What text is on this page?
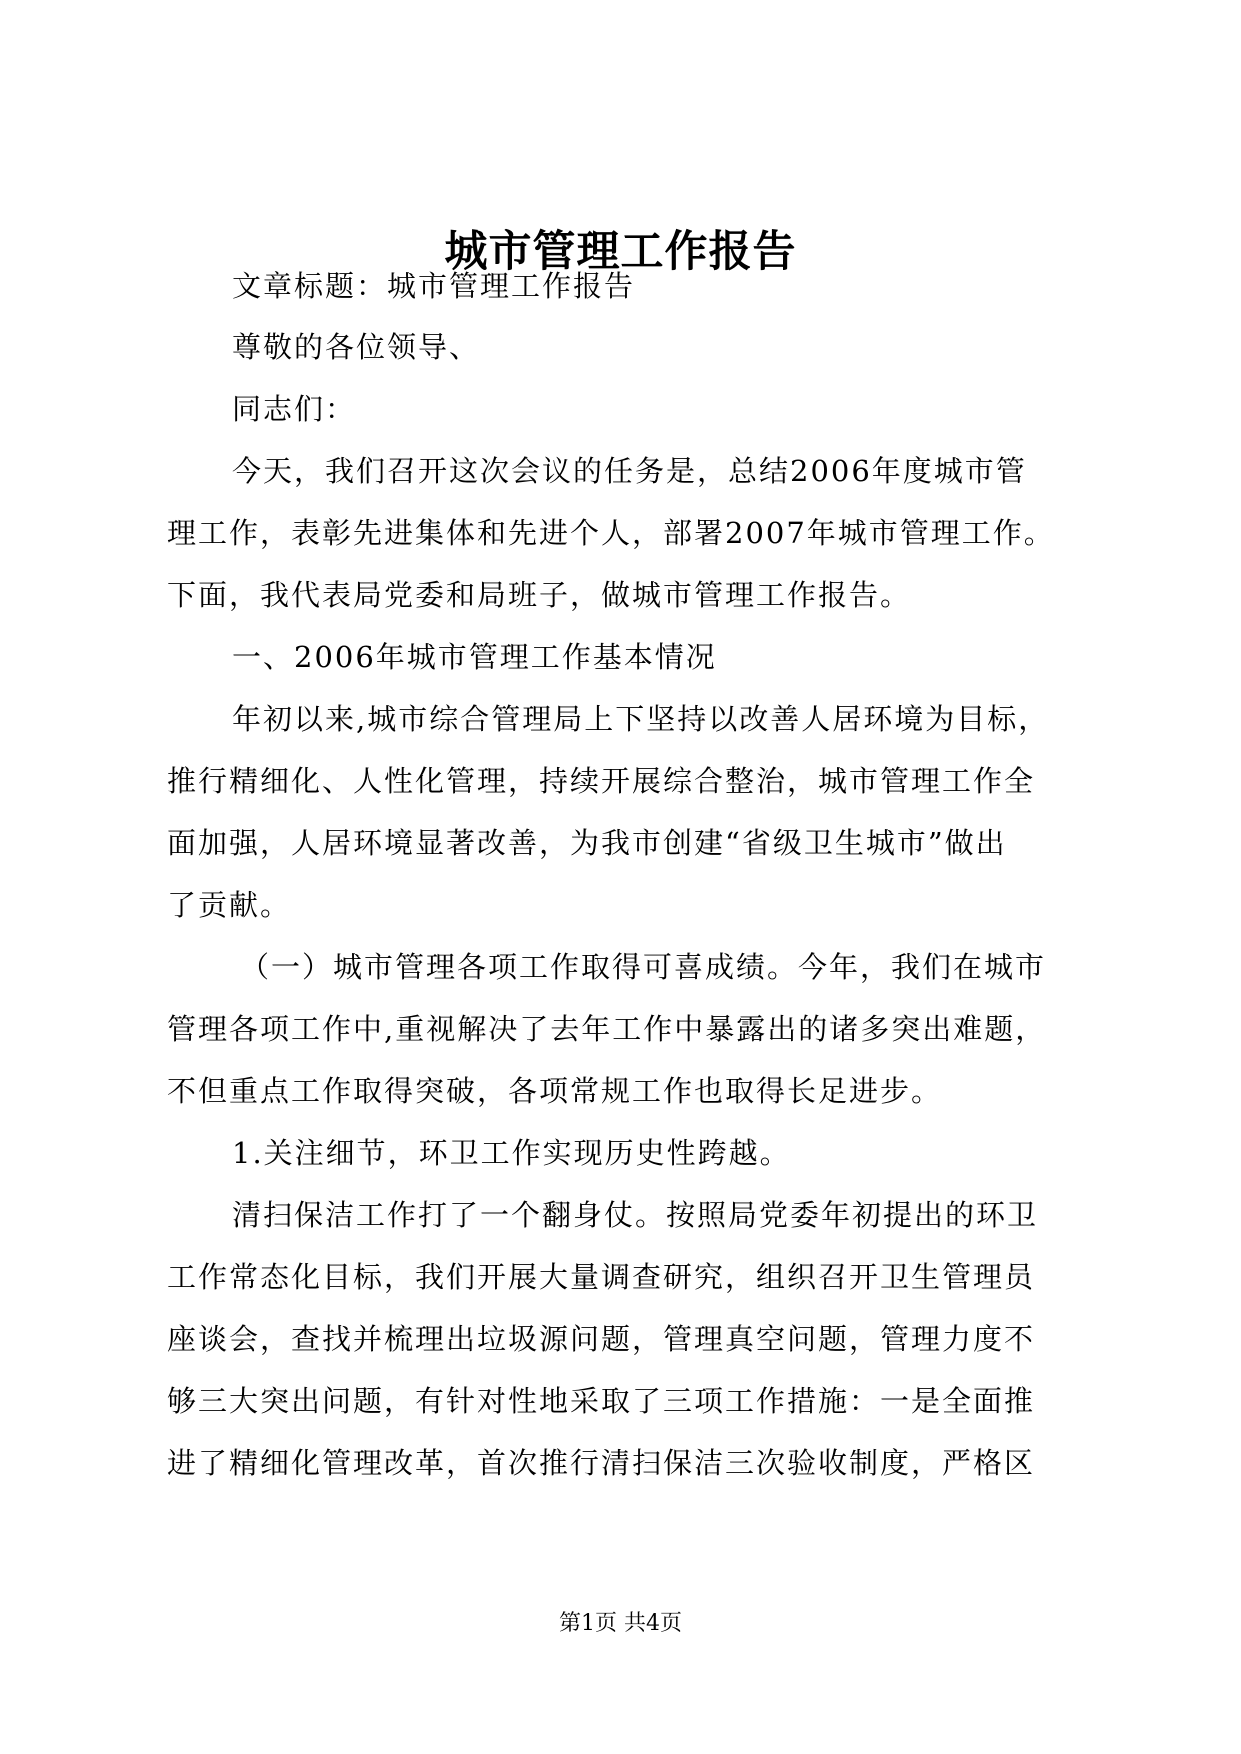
城市管理工作报告
文章标题：城市管理工作报告
尊敬的各位领导、
同志们：
今天，我们召开这次会议的任务是，总结2006年度城市管
理工作，表彰先进集体和先进个人，部署2007年城市管理工作。
下面，我代表局党委和局班子，做城市管理工作报告。
一、2006年城市管理工作基本情况
年初以来,城市综合管理局上下坚持以改善人居环境为目标，
推行精细化、人性化管理，持续开展综合整治，城市管理工作全
面加强，人居环境显著改善，为我市创建“省级卫生城市”做出
了贡献。
（一）城市管理各项工作取得可喜成绩。今年，我们在城市
管理各项工作中,重视解决了去年工作中暴露出的诸多突出难题，
不但重点工作取得突破，各项常规工作也取得长足进步。
1.关注细节，环卫工作实现历史性跨越。
清扫保洁工作打了一个翻身仗。按照局党委年初提出的环卫
工作常态化目标，我们开展大量调查研究，组织召开卫生管理员
座谈会，查找并梳理出垃圾源问题，管理真空问题，管理力度不
够三大突出问题，有针对性地采取了三项工作措施：一是全面推
进了精细化管理改革，首次推行清扫保洁三次验收制度，严格区
第1页 共4页
